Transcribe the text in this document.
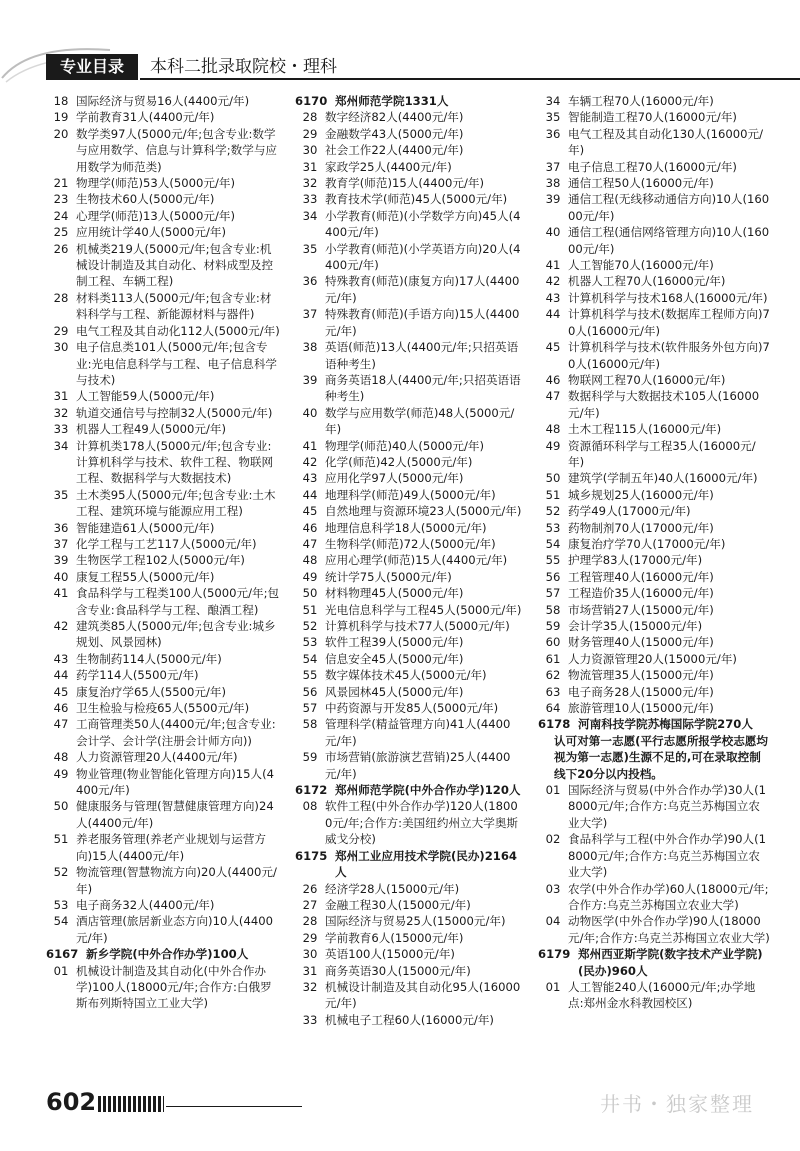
专业目录	本科二批录取院校・理科
18 国际经济与贸易16人(4400元/年)
19 学前教育31人(4400元/年)
20 数学类97人(5000元/年;包含专业:数学与应用数学、信息与计算科学;数学与应用数学为师范类)
21 物理学(师范)53人(5000元/年)
23 生物技术60人(5000元/年)
24 心理学(师范)13人(5000元/年)
25 应用统计学40人(5000元/年)
26 机械类219人(5000元/年;包含专业:机械设计制造及其自动化、材料成型及控制工程、车辆工程)
28 材料类113人(5000元/年;包含专业:材料科学与工程、新能源材料与器件)
29 电气工程及其自动化112人(5000元/年)
30 电子信息类101人(5000元/年;包含专业:光电信息科学与工程、电子信息科学与技术)
31 人工智能59人(5000元/年)
32 轨道交通信号与控制32人(5000元/年)
33 机器人工程49人(5000元/年)
34 计算机类178人(5000元/年;包含专业:计算机科学与技术、软件工程、物联网工程、数据科学与大数据技术)
35 土木类95人(5000元/年;包含专业:土木工程、建筑环境与能源应用工程)
36 智能建造61人(5000元/年)
37 化学工程与工艺117人(5000元/年)
39 生物医学工程102人(5000元/年)
40 康复工程55人(5000元/年)
41 食品科学与工程类100人(5000元/年;包含专业:食品科学与工程、酿酒工程)
42 建筑类85人(5000元/年;包含专业:城乡规划、风景园林)
43 生物制药114人(5000元/年)
44 药学114人(5500元/年)
45 康复治疗学65人(5500元/年)
46 卫生检验与检疫65人(5500元/年)
47 工商管理类50人(4400元/年;包含专业:会计学、会计学(注册会计师方向))
48 人力资源管理20人(4400元/年)
49 物业管理(物业智能化管理方向)15人(4400元/年)
50 健康服务与管理(智慧健康管理方向)24人(4400元/年)
51 养老服务管理(养老产业规划与运营方向)15人(4400元/年)
52 物流管理(智慧物流方向)20人(4400元/年)
53 电子商务32人(4400元/年)
54 酒店管理(旅居新业态方向)10人(4400元/年)
6167 新乡学院(中外合作办学)100人
01 机械设计制造及其自动化(中外合作办学)100人(18000元/年;合作方:白俄罗斯布列斯特国立工业大学)
6170 郑州师范学院1331人
28 数字经济82人(4400元/年)
29 金融数学43人(5000元/年)
30 社会工作22人(4400元/年)
31 家政学25人(4400元/年)
32 教育学(师范)15人(4400元/年)
33 教育技术学(师范)45人(5000元/年)
34 小学教育(师范)(小学数学方向)45人(4400元/年)
35 小学教育(师范)(小学英语方向)20人(4400元/年)
36 特殊教育(师范)(康复方向)17人(4400元/年)
37 特殊教育(师范)(手语方向)15人(4400元/年)
38 英语(师范)13人(4400元/年;只招英语语种考生)
39 商务英语18人(4400元/年;只招英语语种考生)
40 数学与应用数学(师范)48人(5000元/年)
41 物理学(师范)40人(5000元/年)
42 化学(师范)42人(5000元/年)
43 应用化学97人(5000元/年)
44 地理科学(师范)49人(5000元/年)
45 自然地理与资源环境23人(5000元/年)
46 地理信息科学18人(5000元/年)
47 生物科学(师范)72人(5000元/年)
48 应用心理学(师范)15人(4400元/年)
49 统计学75人(5000元/年)
50 材料物理45人(5000元/年)
51 光电信息科学与工程45人(5000元/年)
52 计算机科学与技术77人(5000元/年)
53 软件工程39人(5000元/年)
54 信息安全45人(5000元/年)
55 数字媒体技术45人(5000元/年)
56 风景园林45人(5000元/年)
57 中药资源与开发85人(5000元/年)
58 管理科学(精益管理方向)41人(4400元/年)
59 市场营销(旅游演艺营销)25人(4400元/年)
6172 郑州师范学院(中外合作办学)120人
08 软件工程(中外合作办学)120人(18000元/年;合作方:美国纽约州立大学奥斯威戈分校)
6175 郑州工业应用技术学院(民办)2164人
26 经济学28人(15000元/年)
27 金融工程30人(15000元/年)
28 国际经济与贸易25人(15000元/年)
29 学前教育6人(15000元/年)
30 英语100人(15000元/年)
31 商务英语30人(15000元/年)
32 机械设计制造及其自动化95人(16000元/年)
33 机械电子工程60人(16000元/年)
34 车辆工程70人(16000元/年)
35 智能制造工程70人(16000元/年)
36 电气工程及其自动化130人(16000元/年)
37 电子信息工程70人(16000元/年)
38 通信工程50人(16000元/年)
39 通信工程(无线移动通信方向)10人(16000元/年)
40 通信工程(通信网络管理方向)10人(16000元/年)
41 人工智能70人(16000元/年)
42 机器人工程70人(16000元/年)
43 计算机科学与技术168人(16000元/年)
44 计算机科学与技术(数据库工程师方向)70人(16000元/年)
45 计算机科学与技术(软件服务外包方向)70人(16000元/年)
46 物联网工程70人(16000元/年)
47 数据科学与大数据技术105人(16000元/年)
48 土木工程115人(16000元/年)
49 资源循环科学与工程35人(16000元/年)
50 建筑学(学制五年)40人(16000元/年)
51 城乡规划25人(16000元/年)
52 药学49人(17000元/年)
53 药物制剂70人(17000元/年)
54 康复治疗学70人(17000元/年)
55 护理学83人(17000元/年)
56 工程管理40人(16000元/年)
57 工程造价35人(16000元/年)
58 市场营销27人(15000元/年)
59 会计学35人(15000元/年)
60 财务管理40人(15000元/年)
61 人力资源管理20人(15000元/年)
62 物流管理35人(15000元/年)
63 电子商务28人(15000元/年)
64 旅游管理10人(15000元/年)
6178 河南科技学院苏梅国际学院270人
认可对第一志愿(平行志愿所报学校志愿均视为第一志愿)生源不足的,可在录取控制线下20分以内投档。
01 国际经济与贸易(中外合作办学)30人(18000元/年;合作方:乌克兰苏梅国立农业大学)
02 食品科学与工程(中外合作办学)90人(18000元/年;合作方:乌克兰苏梅国立农业大学)
03 农学(中外合作办学)60人(18000元/年;合作方:乌克兰苏梅国立农业大学)
04 动物医学(中外合作办学)90人(18000元/年;合作方:乌克兰苏梅国立农业大学)
6179 郑州西亚斯学院(数字技术产业学院)(民办)960人
01 人工智能240人(16000元/年;办学地点:郑州金水科教园校区)
602	井书・独家整理
